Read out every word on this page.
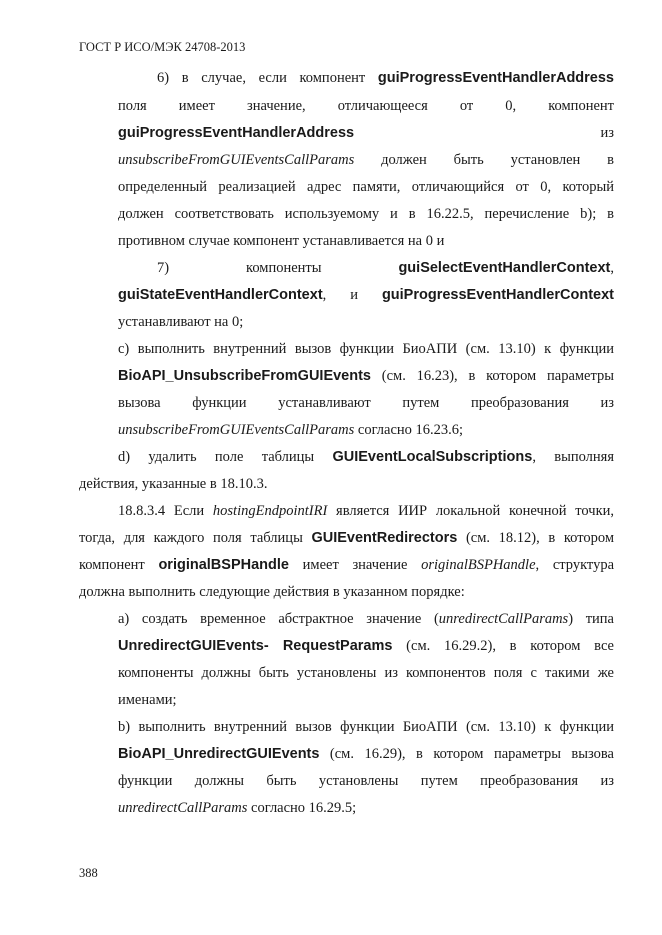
ГОСТ Р ИСО/МЭК 24708-2013
6) в случае, если компонент guiProgressEventHandlerAddress
поля имеет значение, отличающееся от 0, компонент
guiProgressEventHandlerAddress из
unsubscribeFromGUIEventsCallParams должен быть установлен в
определенный реализацией адрес памяти, отличающийся от 0, который
должен соответствовать используемому и в 16.22.5, перечисление b); в
противном случае компонент устанавливается на 0 и
7) компоненты guiSelectEventHandlerContext,
guiStateEventHandlerContext, и guiProgressEventHandlerContext
устанавливают на 0;
c) выполнить внутренний вызов функции БиоАПИ (см. 13.10) к функции
BioAPI_UnsubscribeFromGUIEvents (см. 16.23), в котором параметры
вызова функции устанавливают путем преобразования из
unsubscribeFromGUIEventsCallParams согласно 16.23.6;
d) удалить поле таблицы GUIEventLocalSubscriptions, выполняя
действия, указанные в 18.10.3.
18.8.3.4 Если hostingEndpointIRI является ИИР локальной конечной точки,
тогда, для каждого поля таблицы GUIEventRedirectors (см. 18.12), в котором
компонент originalBSPHandle имеет значение originalBSPHandle, структура
должна выполнить следующие действия в указанном порядке:
a) создать временное абстрактное значение (unredirectCallParams) типа
UnredirectGUIEvents- RequestParams (см. 16.29.2), в котором все
компоненты должны быть установлены из компонентов поля с такими же
именами;
b) выполнить внутренний вызов функции БиоАПИ (см. 13.10) к функции
BioAPI_UnredirectGUIEvents (см. 16.29), в котором параметры вызова
функции должны быть установлены путем преобразования из
unredirectCallParams согласно 16.29.5;
388
